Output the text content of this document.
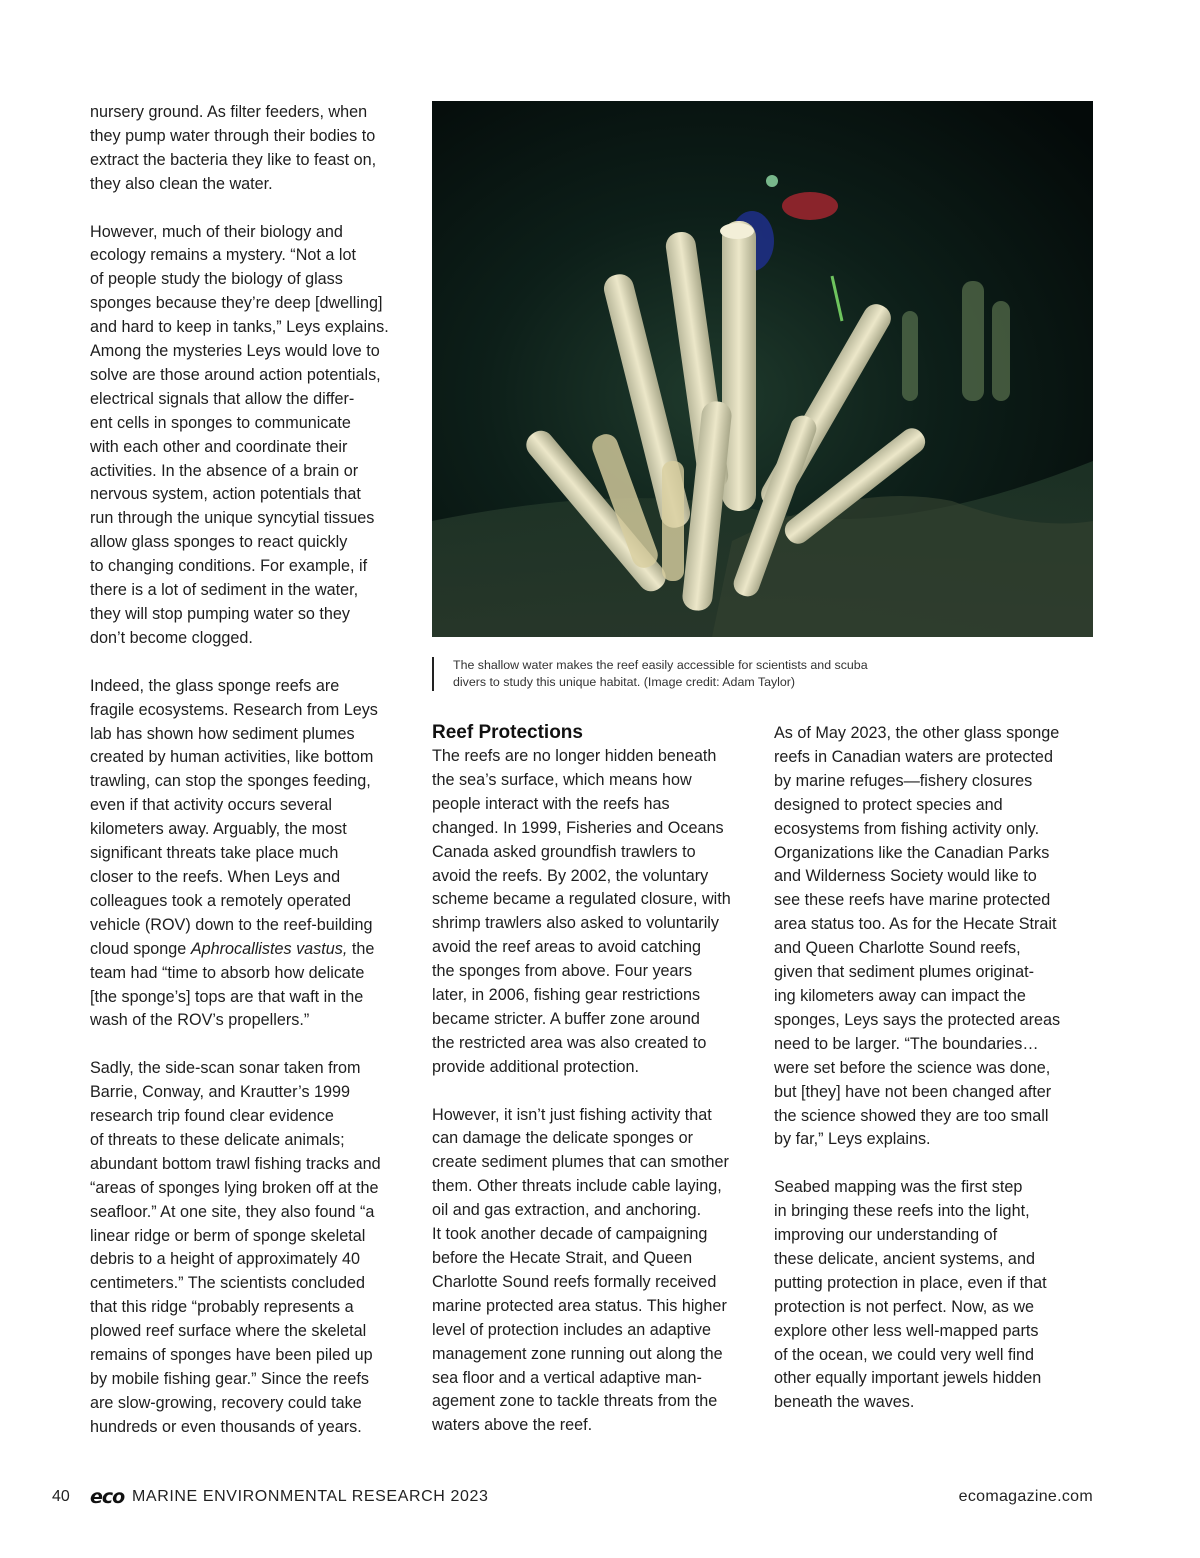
nursery ground. As filter feeders, when
they pump water through their bodies to
extract the bacteria they like to feast on,
they also clean the water.

However, much of their biology and
ecology remains a mystery. “Not a lot
of people study the biology of glass
sponges because they’re deep [dwelling]
and hard to keep in tanks,” Leys explains.
Among the mysteries Leys would love to
solve are those around action potentials,
electrical signals that allow the differ-
ent cells in sponges to communicate
with each other and coordinate their
activities. In the absence of a brain or
nervous system, action potentials that
run through the unique syncytial tissues
allow glass sponges to react quickly
to changing conditions. For example, if
there is a lot of sediment in the water,
they will stop pumping water so they
don’t become clogged.

Indeed, the glass sponge reefs are
fragile ecosystems. Research from Leys
lab has shown how sediment plumes
created by human activities, like bottom
trawling, can stop the sponges feeding,
even if that activity occurs several
kilometers away. Arguably, the most
significant threats take place much
closer to the reefs. When Leys and
colleagues took a remotely operated
vehicle (ROV) down to the reef-building
cloud sponge Aphrocallistes vastus, the
team had “time to absorb how delicate
[the sponge’s] tops are that waft in the
wash of the ROV’s propellers.”

Sadly, the side-scan sonar taken from
Barrie, Conway, and Krautter’s 1999
research trip found clear evidence
of threats to these delicate animals;
abundant bottom trawl fishing tracks and
“areas of sponges lying broken off at the
seafloor.” At one site, they also found “a
linear ridge or berm of sponge skeletal
debris to a height of approximately 40
centimeters.” The scientists concluded
that this ridge “probably represents a
plowed reef surface where the skeletal
remains of sponges have been piled up
by mobile fishing gear.” Since the reefs
are slow-growing, recovery could take
hundreds or even thousands of years.

The shallow water makes the reef easily accessible for scientists and scuba
divers to study this unique habitat. (Image credit: Adam Taylor)
Reef Protections

The reefs are no longer hidden beneath
the sea’s surface, which means how
people interact with the reefs has
changed. In 1999, Fisheries and Oceans
Canada asked groundfish trawlers to
avoid the reefs. By 2002, the voluntary
scheme became a regulated closure, with
shrimp trawlers also asked to voluntarily
avoid the reef areas to avoid catching
the sponges from above. Four years
later, in 2006, fishing gear restrictions
became stricter. A buffer zone around
the restricted area was also created to
provide additional protection.

However, it isn’t just fishing activity that
can damage the delicate sponges or
create sediment plumes that can smother
them. Other threats include cable laying,
oil and gas extraction, and anchoring.

It took another decade of campaigning
before the Hecate Strait, and Queen
Charlotte Sound reefs formally received
marine protected area status. This higher
level of protection includes an adaptive
management zone running out along the
sea floor and a vertical adaptive man-
agement zone to tackle threats from the
waters above the reef.

As of May 2023, the other glass sponge
reefs in Canadian waters are protected
by marine refuges—fishery closures
designed to protect species and
ecosystems from fishing activity only.
Organizations like the Canadian Parks
and Wilderness Society would like to
see these reefs have marine protected
area status too. As for the Hecate Strait
and Queen Charlotte Sound reefs,
given that sediment plumes originat-
ing kilometers away can impact the
sponges, Leys says the protected areas
need to be larger. “The boundaries…
were set before the science was done,
but [they] have not been changed after
the science showed they are too small
by far,” Leys explains.

Seabed mapping was the first step
in bringing these reefs into the light,
improving our understanding of
these delicate, ancient systems, and
putting protection in place, even if that
protection is not perfect. Now, as we
explore other less well-mapped parts
of the ocean, we could very well find
other equally important jewels hidden
beneath the waves.

40 eco MARINE ENVIRONMENTAL RESEARCH 2023	ecomagazine.com
